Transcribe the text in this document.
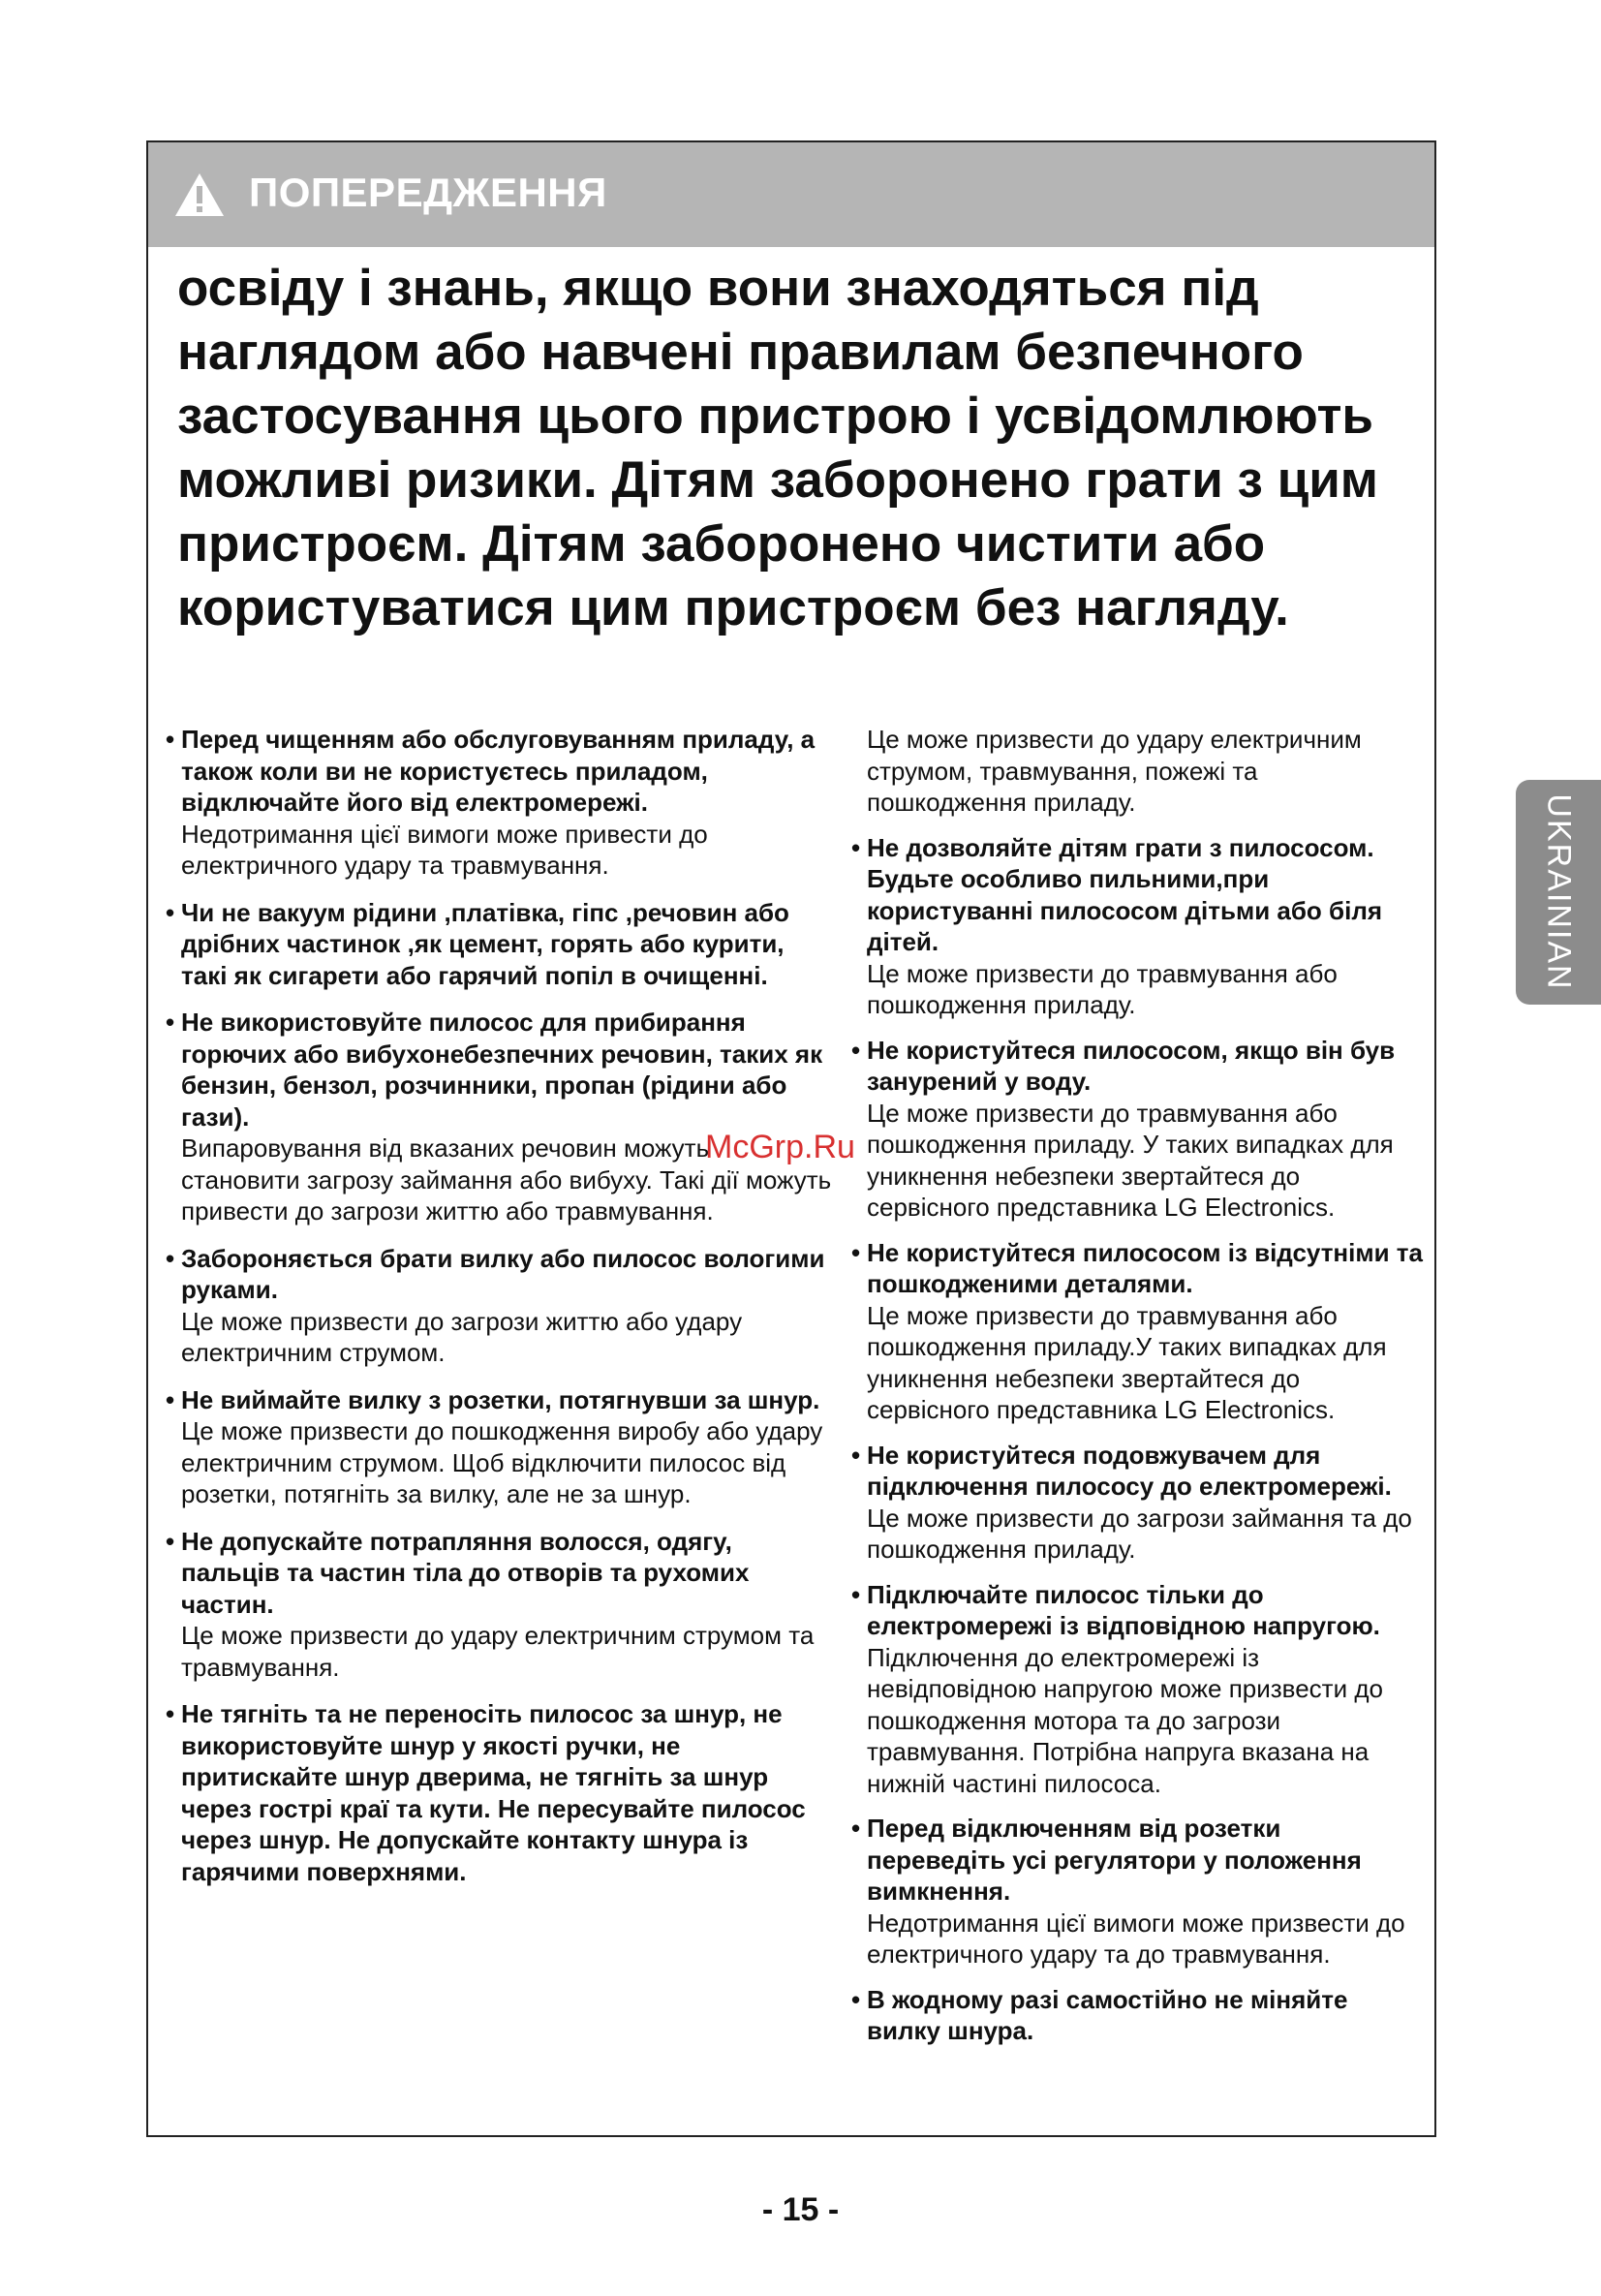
ПОПЕРЕДЖЕННЯ

освіду і знань, якщо вони знаходяться під наглядом або навчені правилам безпечного застосування цього пристрою і усвідомлюють можливі ризики. Дітям заборонено грати з цим пристроєм. Дітям заборонено чистити або користуватися цим пристроєм без нагляду.

• Перед чищенням або обслуговуванням приладу, а також коли ви не користуєтесь приладом, відключайте його від електромережі.
Недотримання цієї вимоги може привести до електричного удару та травмування.
• Чи не вакуум рідини ,платівка, гіпс ,речовин або дрібних частинок ,як цемент, горять або курити, такі як сигарети або гарячий попіл в очищенні.
• Не використовуйте пилосос для прибирання горючих або вибухонебезпечних речовин, таких як бензин, бензол, розчинники, пропан (рідини або гази).
Випаровування від вказаних речовин можуть становити загрозу займання або вибуху. Такі дії можуть привести до загрози життю або травмування.
• Забороняється брати вилку або пилосос вологими руками.
Це може призвести до загрози життю або удару електричним струмом.
• Не виймайте вилку з розетки, потягнувши за шнур.
Це може призвести до пошкодження виробу або удару електричним струмом. Щоб відключити пилосос від розетки, потягніть за вилку, але не за шнур.
• Не допускайте потрапляння волосся, одягу, пальців та частин тіла до отворів та рухомих частин.
Це може призвести до удару електричним струмом та травмування.
• Не тягніть та не переносіть пилосос за шнур, не використовуйте шнур у якості ручки, не притискайте шнур дверима, не тягніть за шнур через гострі краї та кути. Не пересувайте пилосос через шнур. Не допускайте контакту шнура із гарячими поверхнями.
Це може призвести до удару електричним струмом, травмування, пожежі та пошкодження приладу.
• Не дозволяйте дітям грати з пилососом. Будьте особливо пильними,при користуванні пилососом дітьми або біля дітей.
Це може призвести до травмування або пошкодження приладу.
• Не користуйтеся пилососом, якщо він був занурений у воду.
Це може призвести до травмування або пошкодження приладу. У таких випадках для уникнення небезпеки звертайтеся до сервісного представника LG Electronics.
• Не користуйтеся пилососом із відсутніми та пошкодженими деталями.
Це може призвести до травмування або пошкодження приладу.У таких випадках для уникнення небезпеки звертайтеся до сервісного представника LG Electronics.
• Не користуйтеся подовжувачем для підключення пилососу до електромережі.
Це може призвести до загрози займання та до пошкодження приладу.
• Підключайте пилосос тільки до електромережі із відповідною напругою.
Підключення до електромережі із невідповідною напругою може призвести до пошкодження мотора та до загрози травмування. Потрібна напруга вказана на нижній частині пилососа.
• Перед відключенням від розетки переведіть усі регулятори у положення вимкнення.
Недотримання цієї вимоги може призвести до електричного удару та до травмування.
• В жодному разі самостійно не міняйте вилку шнура.
UKRAINIAN
McGrp.Ru
- 15 -
